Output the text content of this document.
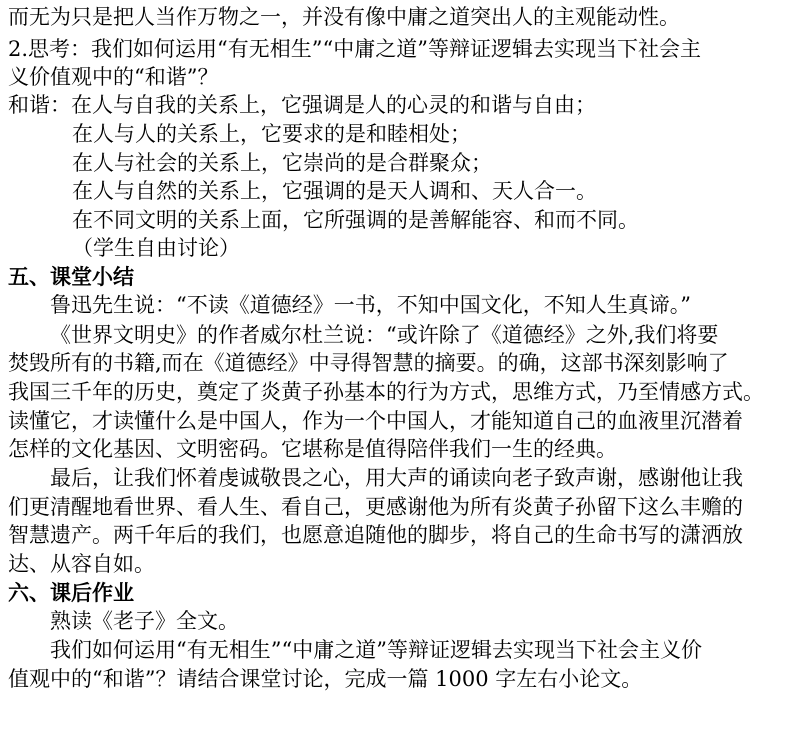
而无为只是把人当作万物之一，并没有像中庸之道突出人的主观能动性。
2.思考：我们如何运用“有无相生”“中庸之道”等辩证逻辑去实现当下社会主
义价值观中的“和谐”？
和谐：在人与自我的关系上，它强调是人的心灵的和谐与自由；
在人与人的关系上，它要求的是和睦相处；
在人与社会的关系上，它崇尚的是合群聚众；
在人与自然的关系上，它强调的是天人调和、天人合一。
在不同文明的关系上面，它所强调的是善解能容、和而不同。
（学生自由讨论）
五、课堂小结
鲁迅先生说：“不读《道德经》一书，不知中国文化，不知人生真谛。”
《世界文明史》的作者威尔杜兰说：“或许除了《道德经》之外,我们将要
焚毁所有的书籍,而在《道德经》中寻得智慧的摘要。的确，这部书深刻影响了
我国三千年的历史，奠定了炎黄子孙基本的行为方式，思维方式，乃至情感方式。
读懂它，才读懂什么是中国人，作为一个中国人，才能知道自己的血液里沉潜着
怎样的文化基因、文明密码。它堪称是值得陪伴我们一生的经典。
最后，让我们怀着虔诚敬畏之心，用大声的诵读向老子致声谢，感谢他让我
们更清醒地看世界、看人生、看自己，更感谢他为所有炎黄子孙留下这么丰赡的
智慧遗产。两千年后的我们，也愿意追随他的脚步，将自己的生命书写的潇洒放
达、从容自如。
六、课后作业
熟读《老子》全文。
我们如何运用“有无相生”“中庸之道”等辩证逻辑去实现当下社会主义价
值观中的“和谐”？请结合课堂讨论，完成一篇 1000 字左右小论文。
